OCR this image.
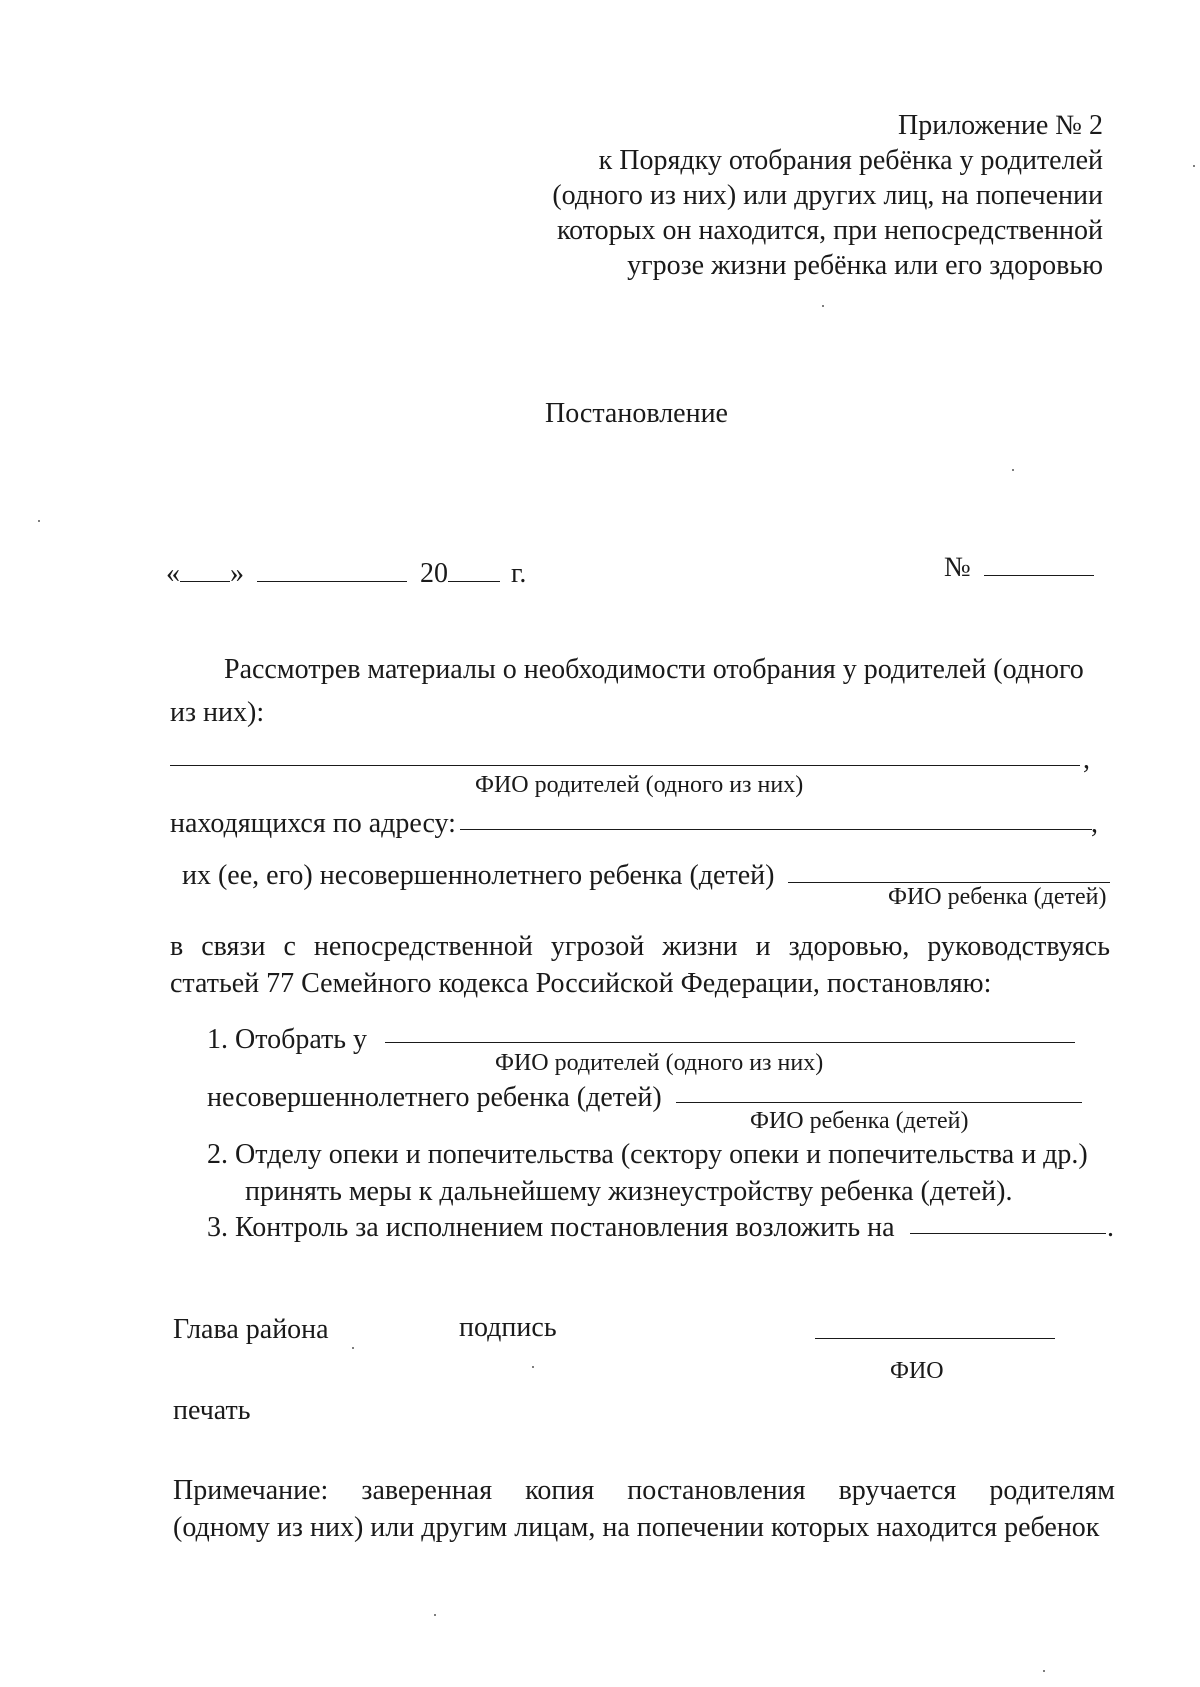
Приложение № 2
к Порядку отобрания ребёнка у родителей
(одного из них) или других лиц, на попечении
которых он находится, при непосредственной
угрозе жизни ребёнка или его здоровью
Постановление
« »	20 г.	№
Рассмотрев материалы о необходимости отобрания у родителей (одного
из них):
,
ФИО родителей (одного из них)
находящихся по адресу:	,
их (ее, его) несовершеннолетнего ребенка (детей)
ФИО ребенка (детей)
в связи с непосредственной угрозой жизни и здоровью, руководствуясь
статьей 77 Семейного кодекса Российской Федерации, постановляю:
1. Отобрать у
ФИО родителей (одного из них)
несовершеннолетнего ребенка (детей)
ФИО ребенка (детей)
2. Отделу опеки и попечительства (сектору опеки и попечительства и др.)
принять меры к дальнейшему жизнеустройству ребенка (детей).
3. Контроль за исполнением постановления возложить на	.
Глава района	подпись
ФИО
печать
Примечание: заверенная копия постановления вручается родителям
(одному из них) или другим лицам, на попечении которых находится ребенок
